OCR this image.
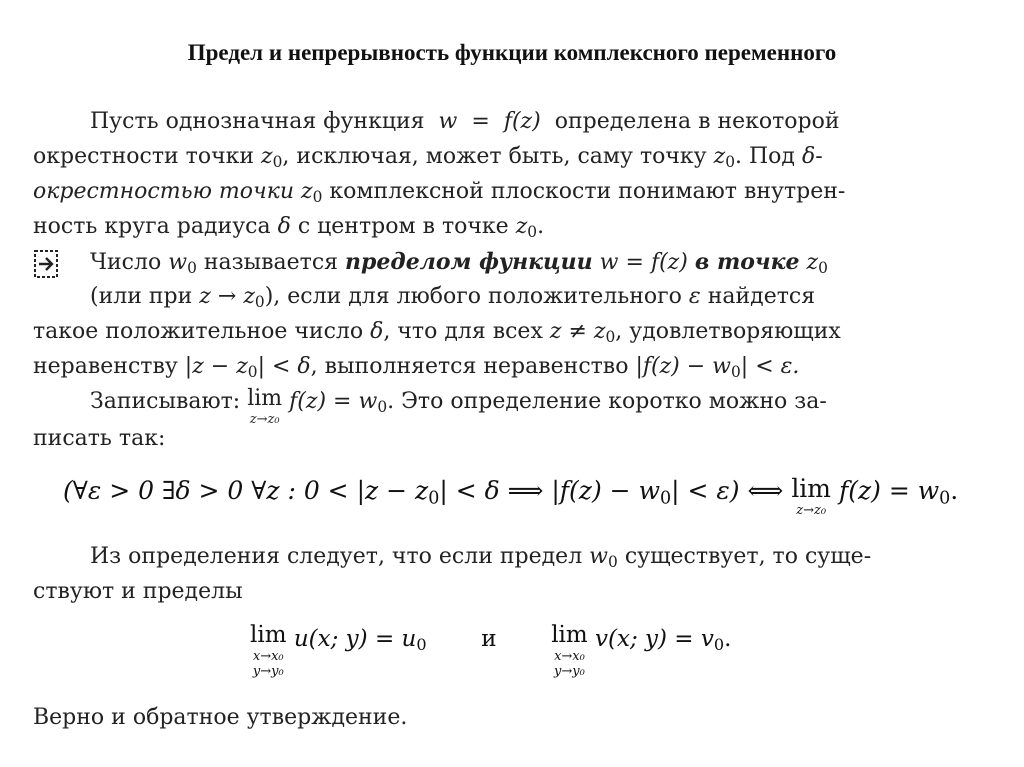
Предел и непрерывность функции комплексного переменного
Пусть однозначная функция w = f(z) определена в некоторой
окрестности точки $z_0$, исключая, может быть, саму точку $z_0$. Под δ-
окрестностью точки $z_0$ комплексной плоскости понимают внутрен-
ность круга радиуса δ с центром в точке $z_0$.
Число $w_0$ называется пределом функции w = f(z) в точке $z_0$
(или при $z \to z_0$), если для любого положительного ε найдется
такое положительное число δ, что для всех $z \ne z_0$, удовлетворяющих
неравенству $|z - z_0| < \delta$, выполняется неравенство $|f(z) - w_0| < \varepsilon$.
Записывают: lim
z→z₀
$f(z) = w_0$. Это определение коротко можно за-
писать так:
(∀ε > 0 ∃δ > 0 ∀z : $0 < |z - z_0| < \delta$ ⟹ $|f(z) - w_0| < \varepsilon$) ⟺ lim
z→z₀
$f(z) = w_0$.
Из определения следует, что если предел $w_0$ существует, то суще-
ствуют и пределы
lim
x→x₀
y→y₀
u(x; $y) = u_0$ и lim
x→x₀
y→y₀
v(x; $y) = v_0$.
Верно и обратное утверждение.
